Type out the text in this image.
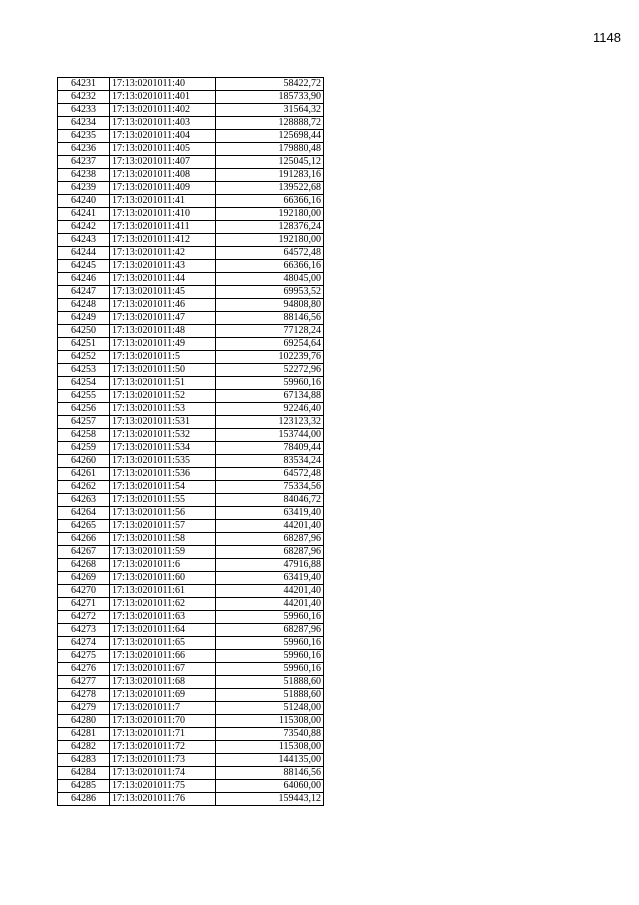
1148
64231	17:13:0201011:40	58422,72
64232	17:13:0201011:401	185733,90
64233	17:13:0201011:402	31564,32
64234	17:13:0201011:403	128888,72
64235	17:13:0201011:404	125698,44
64236	17:13:0201011:405	179880,48
64237	17:13:0201011:407	125045,12
64238	17:13:0201011:408	191283,16
64239	17:13:0201011:409	139522,68
64240	17:13:0201011:41	66366,16
64241	17:13:0201011:410	192180,00
64242	17:13:0201011:411	128376,24
64243	17:13:0201011:412	192180,00
64244	17:13:0201011:42	64572,48
64245	17:13:0201011:43	66366,16
64246	17:13:0201011:44	48045,00
64247	17:13:0201011:45	69953,52
64248	17:13:0201011:46	94808,80
64249	17:13:0201011:47	88146,56
64250	17:13:0201011:48	77128,24
64251	17:13:0201011:49	69254,64
64252	17:13:0201011:5	102239,76
64253	17:13:0201011:50	52272,96
64254	17:13:0201011:51	59960,16
64255	17:13:0201011:52	67134,88
64256	17:13:0201011:53	92246,40
64257	17:13:0201011:531	123123,32
64258	17:13:0201011:532	153744,00
64259	17:13:0201011:534	78409,44
64260	17:13:0201011:535	83534,24
64261	17:13:0201011:536	64572,48
64262	17:13:0201011:54	75334,56
64263	17:13:0201011:55	84046,72
64264	17:13:0201011:56	63419,40
64265	17:13:0201011:57	44201,40
64266	17:13:0201011:58	68287,96
64267	17:13:0201011:59	68287,96
64268	17:13:0201011:6	47916,88
64269	17:13:0201011:60	63419,40
64270	17:13:0201011:61	44201,40
64271	17:13:0201011:62	44201,40
64272	17:13:0201011:63	59960,16
64273	17:13:0201011:64	68287,96
64274	17:13:0201011:65	59960,16
64275	17:13:0201011:66	59960,16
64276	17:13:0201011:67	59960,16
64277	17:13:0201011:68	51888,60
64278	17:13:0201011:69	51888,60
64279	17:13:0201011:7	51248,00
64280	17:13:0201011:70	115308,00
64281	17:13:0201011:71	73540,88
64282	17:13:0201011:72	115308,00
64283	17:13:0201011:73	144135,00
64284	17:13:0201011:74	88146,56
64285	17:13:0201011:75	64060,00
64286	17:13:0201011:76	159443,12
